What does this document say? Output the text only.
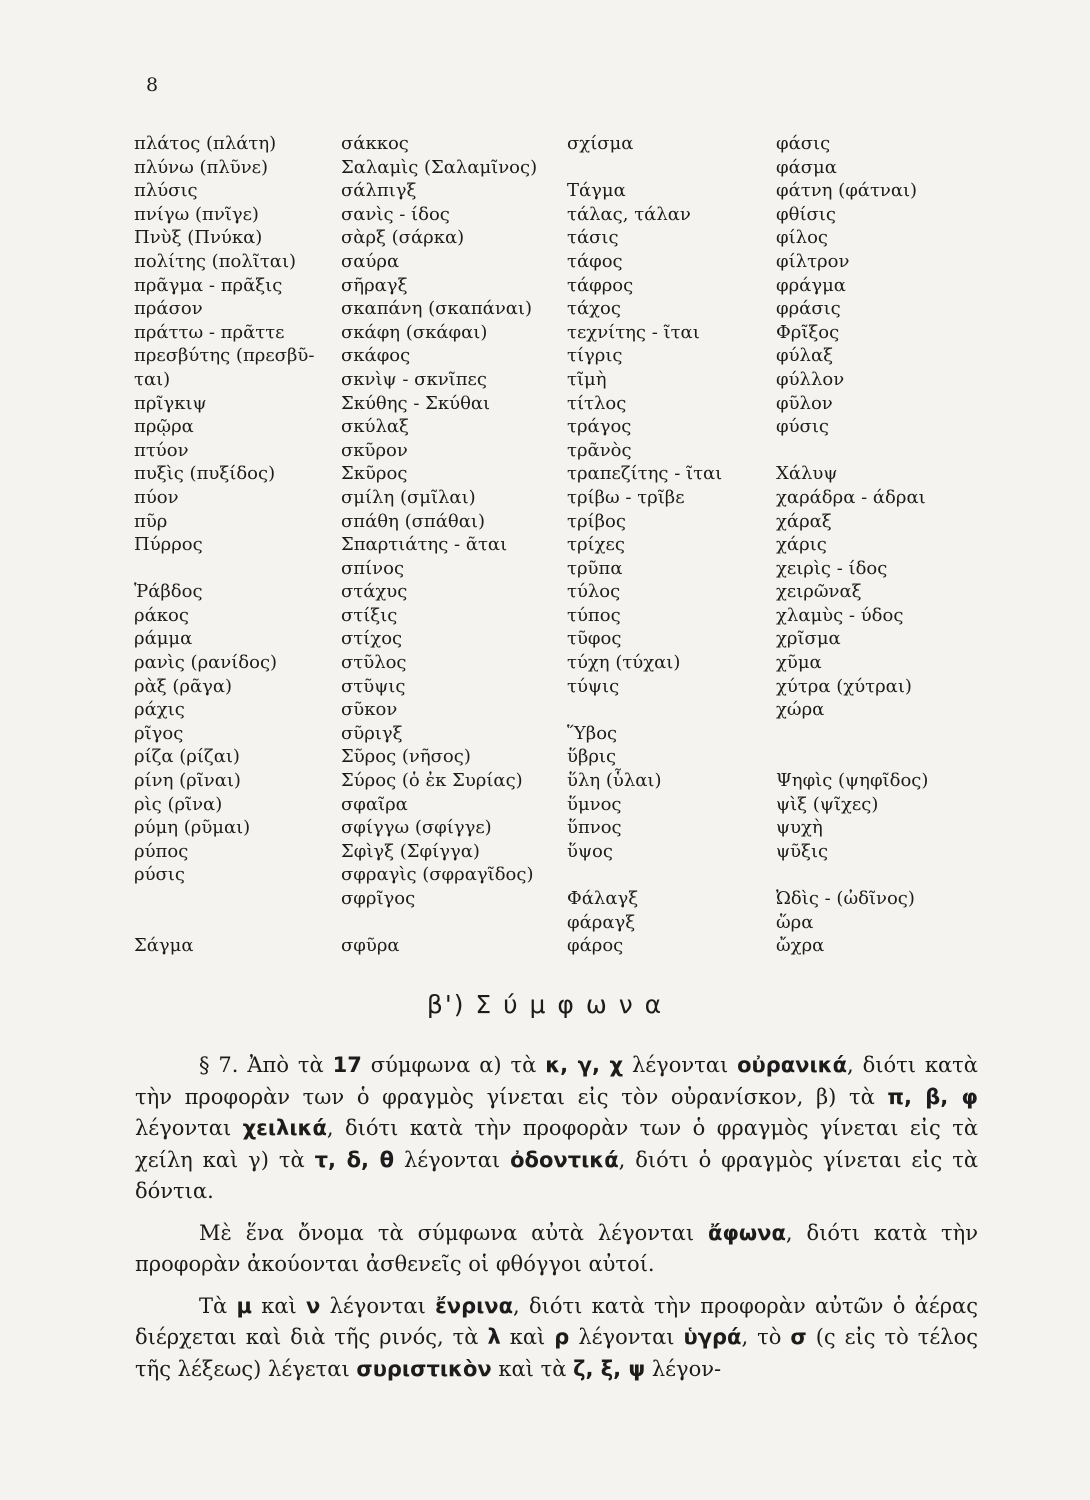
8
πλάτος (πλάτη)
πλύνω (πλῦνε)
πλύσις
πνίγω (πνῖγε)
Πνὺξ (Πνύκα)
πολίτης (πολῖται)
πρᾶγμα - πρᾶξις
πράσον
πράττω - πρᾶττε
πρεσβύτης (πρεσβῦ-
ται)
πρῖγκιψ
πρῷρα
πτύον
πυξὶς (πυξίδος)
πύον
πῦρ
Πύρρος
Ῥάβδος
ράκος
ράμμα
ρανὶς (ρανίδος)
ρὰξ (ρᾶγα)
ράχις
ρῖγος
ρίζα (ρίζαι)
ρίνη (ρῖναι)
ρὶς (ρῖνα)
ρύμη (ρῦμαι)
ρύπος
ρύσις
Σάγμα
σάκκος
Σαλαμὶς (Σαλαμῖνος)
σάλπιγξ
σανὶς - ίδος
σὰρξ (σάρκα)
σαύρα
σῆραγξ
σκαπάνη (σκαπάναι)
σκάφη (σκάφαι)
σκάφος
σκνὶψ - σκνῖπες
Σκύθης - Σκύθαι
σκύλαξ
σκῦρον
Σκῦρος
σμίλη (σμῖλαι)
σπάθη (σπάθαι)
Σπαρτιάτης - ᾶται
σπίνος
στάχυς
στίξις
στίχος
στῦλος
στῦψις
σῦκον
σῦριγξ
Σῦρος (νῆσος)
Σύρος (ὁ ἐκ Συρίας)
σφαῖρα
σφίγγω (σφίγγε)
Σφὶγξ (Σφίγγα)
σφραγὶς (σφραγῖδος)
σφρῖγος
σφῦρα
σχίσμα
Τάγμα
τάλας, τάλαν
τάσις
τάφος
τάφρος
τάχος
τεχνίτης - ῖται
τίγρις
τῖμὴ
τίτλος
τράγος
τρᾶνὸς
τραπεζίτης - ῖται
τρίβω - τρῖβε
τρίβος
τρίχες
τρῦπα
τύλος
τύπος
τῦφος
τύχη (τύχαι)
τύψις
Ὕβος
ὕβρις
ὕλη (ὗλαι)
ὕμνος
ὕπνος
ὕψος
Φάλαγξ
φάραγξ
φάρος
φάσις
φάσμα
φάτνη (φάτναι)
φθίσις
φίλος
φίλτρον
φράγμα
φράσις
Φρῖξος
φύλαξ
φύλλον
φῦλον
φύσις
Χάλυψ
χαράδρα - άδραι
χάραξ
χάρις
χειρὶς - ίδος
χειρῶναξ
χλαμὺς - ύδος
χρῖσμα
χῦμα
χύτρα (χύτραι)
χώρα
Ψηφὶς (ψηφῖδος)
ψὶξ (ψῖχες)
ψυχὴ
ψῦξις
Ὠδὶς - (ὠδῖνος)
ὥρα
ὤχρα
β') Σ ύ μ φ ω ν α

§ 7. Ἀπὸ τὰ 17 σύμφωνα α) τὰ κ, γ, χ λέγονται οὐρανικά, διότι κατὰ τὴν προφορὰν των ὁ φραγμὸς γίνεται εἰς τὸν οὐρανίσκον, β) τὰ π, β, φ λέγονται χειλικά, διότι κατὰ τὴν προφορὰν των ὁ φραγμὸς γίνεται εἰς τὰ χείλη καὶ γ) τὰ τ, δ, θ λέγονται ὀδοντικά, διότι ὁ φραγμὸς γίνεται εἰς τὰ δόντια.

Μὲ ἕνα ὄνομα τὰ σύμφωνα αὐτὰ λέγονται ἄφωνα, διότι κατὰ τὴν προφορὰν ἀκούονται ἀσθενεῖς οἱ φθόγγοι αὐτοί.

Τὰ μ καὶ ν λέγονται ἔνρινα, διότι κατὰ τὴν προφορὰν αὐτῶν ὁ ἀέρας διέρχεται καὶ διὰ τῆς ρινός, τὰ λ καὶ ρ λέγονται ὑγρά, τὸ σ (ς εἰς τὸ τέλος τῆς λέξεως) λέγεται συριστικὸν καὶ τὰ ζ, ξ, ψ λέγον-
